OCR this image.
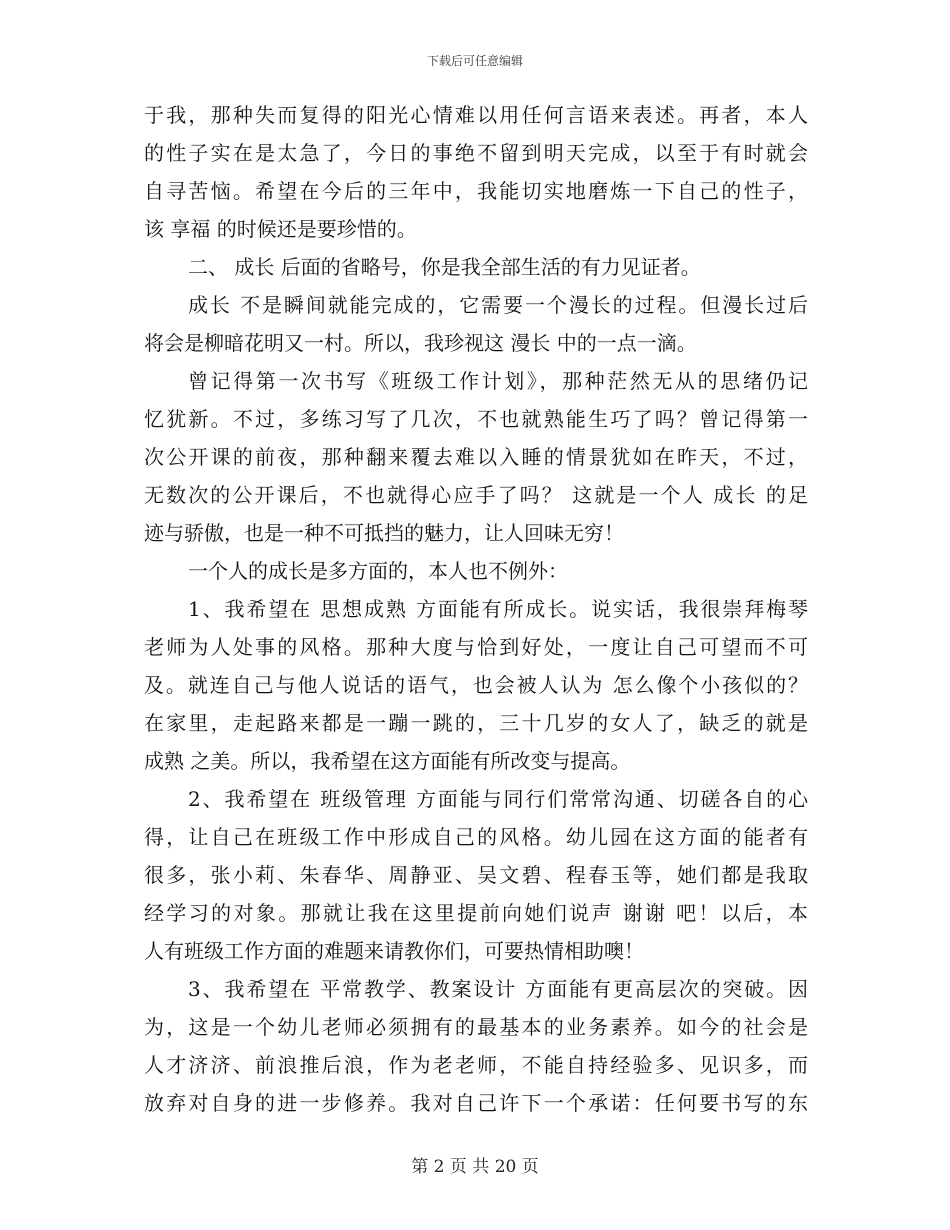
下载后可任意编辑
于我，那种失而复得的阳光心情难以用任何言语来表述。再者，本人
的性子实在是太急了，今日的事绝不留到明天完成，以至于有时就会
自寻苦恼。希望在今后的三年中，我能切实地磨炼一下自己的性子，
该 享福 的时候还是要珍惜的。
二、 成长 后面的省略号，你是我全部生活的有力见证者。
成长 不是瞬间就能完成的，它需要一个漫长的过程。但漫长过后
将会是柳暗花明又一村。所以，我珍视这 漫长 中的一点一滴。
曾记得第一次书写《班级工作计划》，那种茫然无从的思绪仍记
忆犹新。不过，多练习写了几次，不也就熟能生巧了吗？曾记得第一
次公开课的前夜，那种翻来覆去难以入睡的情景犹如在昨天，不过，
无数次的公开课后，不也就得心应手了吗？ 这就是一个人 成长 的足
迹与骄傲，也是一种不可抵挡的魅力，让人回味无穷！
一个人的成长是多方面的，本人也不例外：
1、我希望在 思想成熟 方面能有所成长。说实话，我很崇拜梅琴
老师为人处事的风格。那种大度与恰到好处，一度让自己可望而不可
及。就连自己与他人说话的语气，也会被人认为 怎么像个小孩似的？
在家里，走起路来都是一蹦一跳的，三十几岁的女人了，缺乏的就是
成熟 之美。所以，我希望在这方面能有所改变与提高。
2、我希望在 班级管理 方面能与同行们常常沟通、切磋各自的心
得，让自己在班级工作中形成自己的风格。幼儿园在这方面的能者有
很多，张小莉、朱春华、周静亚、吴文碧、程春玉等，她们都是我取
经学习的对象。那就让我在这里提前向她们说声 谢谢 吧！以后，本
人有班级工作方面的难题来请教你们，可要热情相助噢！
3、我希望在 平常教学、教案设计 方面能有更高层次的突破。因
为，这是一个幼儿老师必须拥有的最基本的业务素养。如今的社会是
人才济济、前浪推后浪，作为老老师，不能自持经验多、见识多，而
放弃对自身的进一步修养。我对自己许下一个承诺：任何要书写的东
第 2 页 共 20 页
